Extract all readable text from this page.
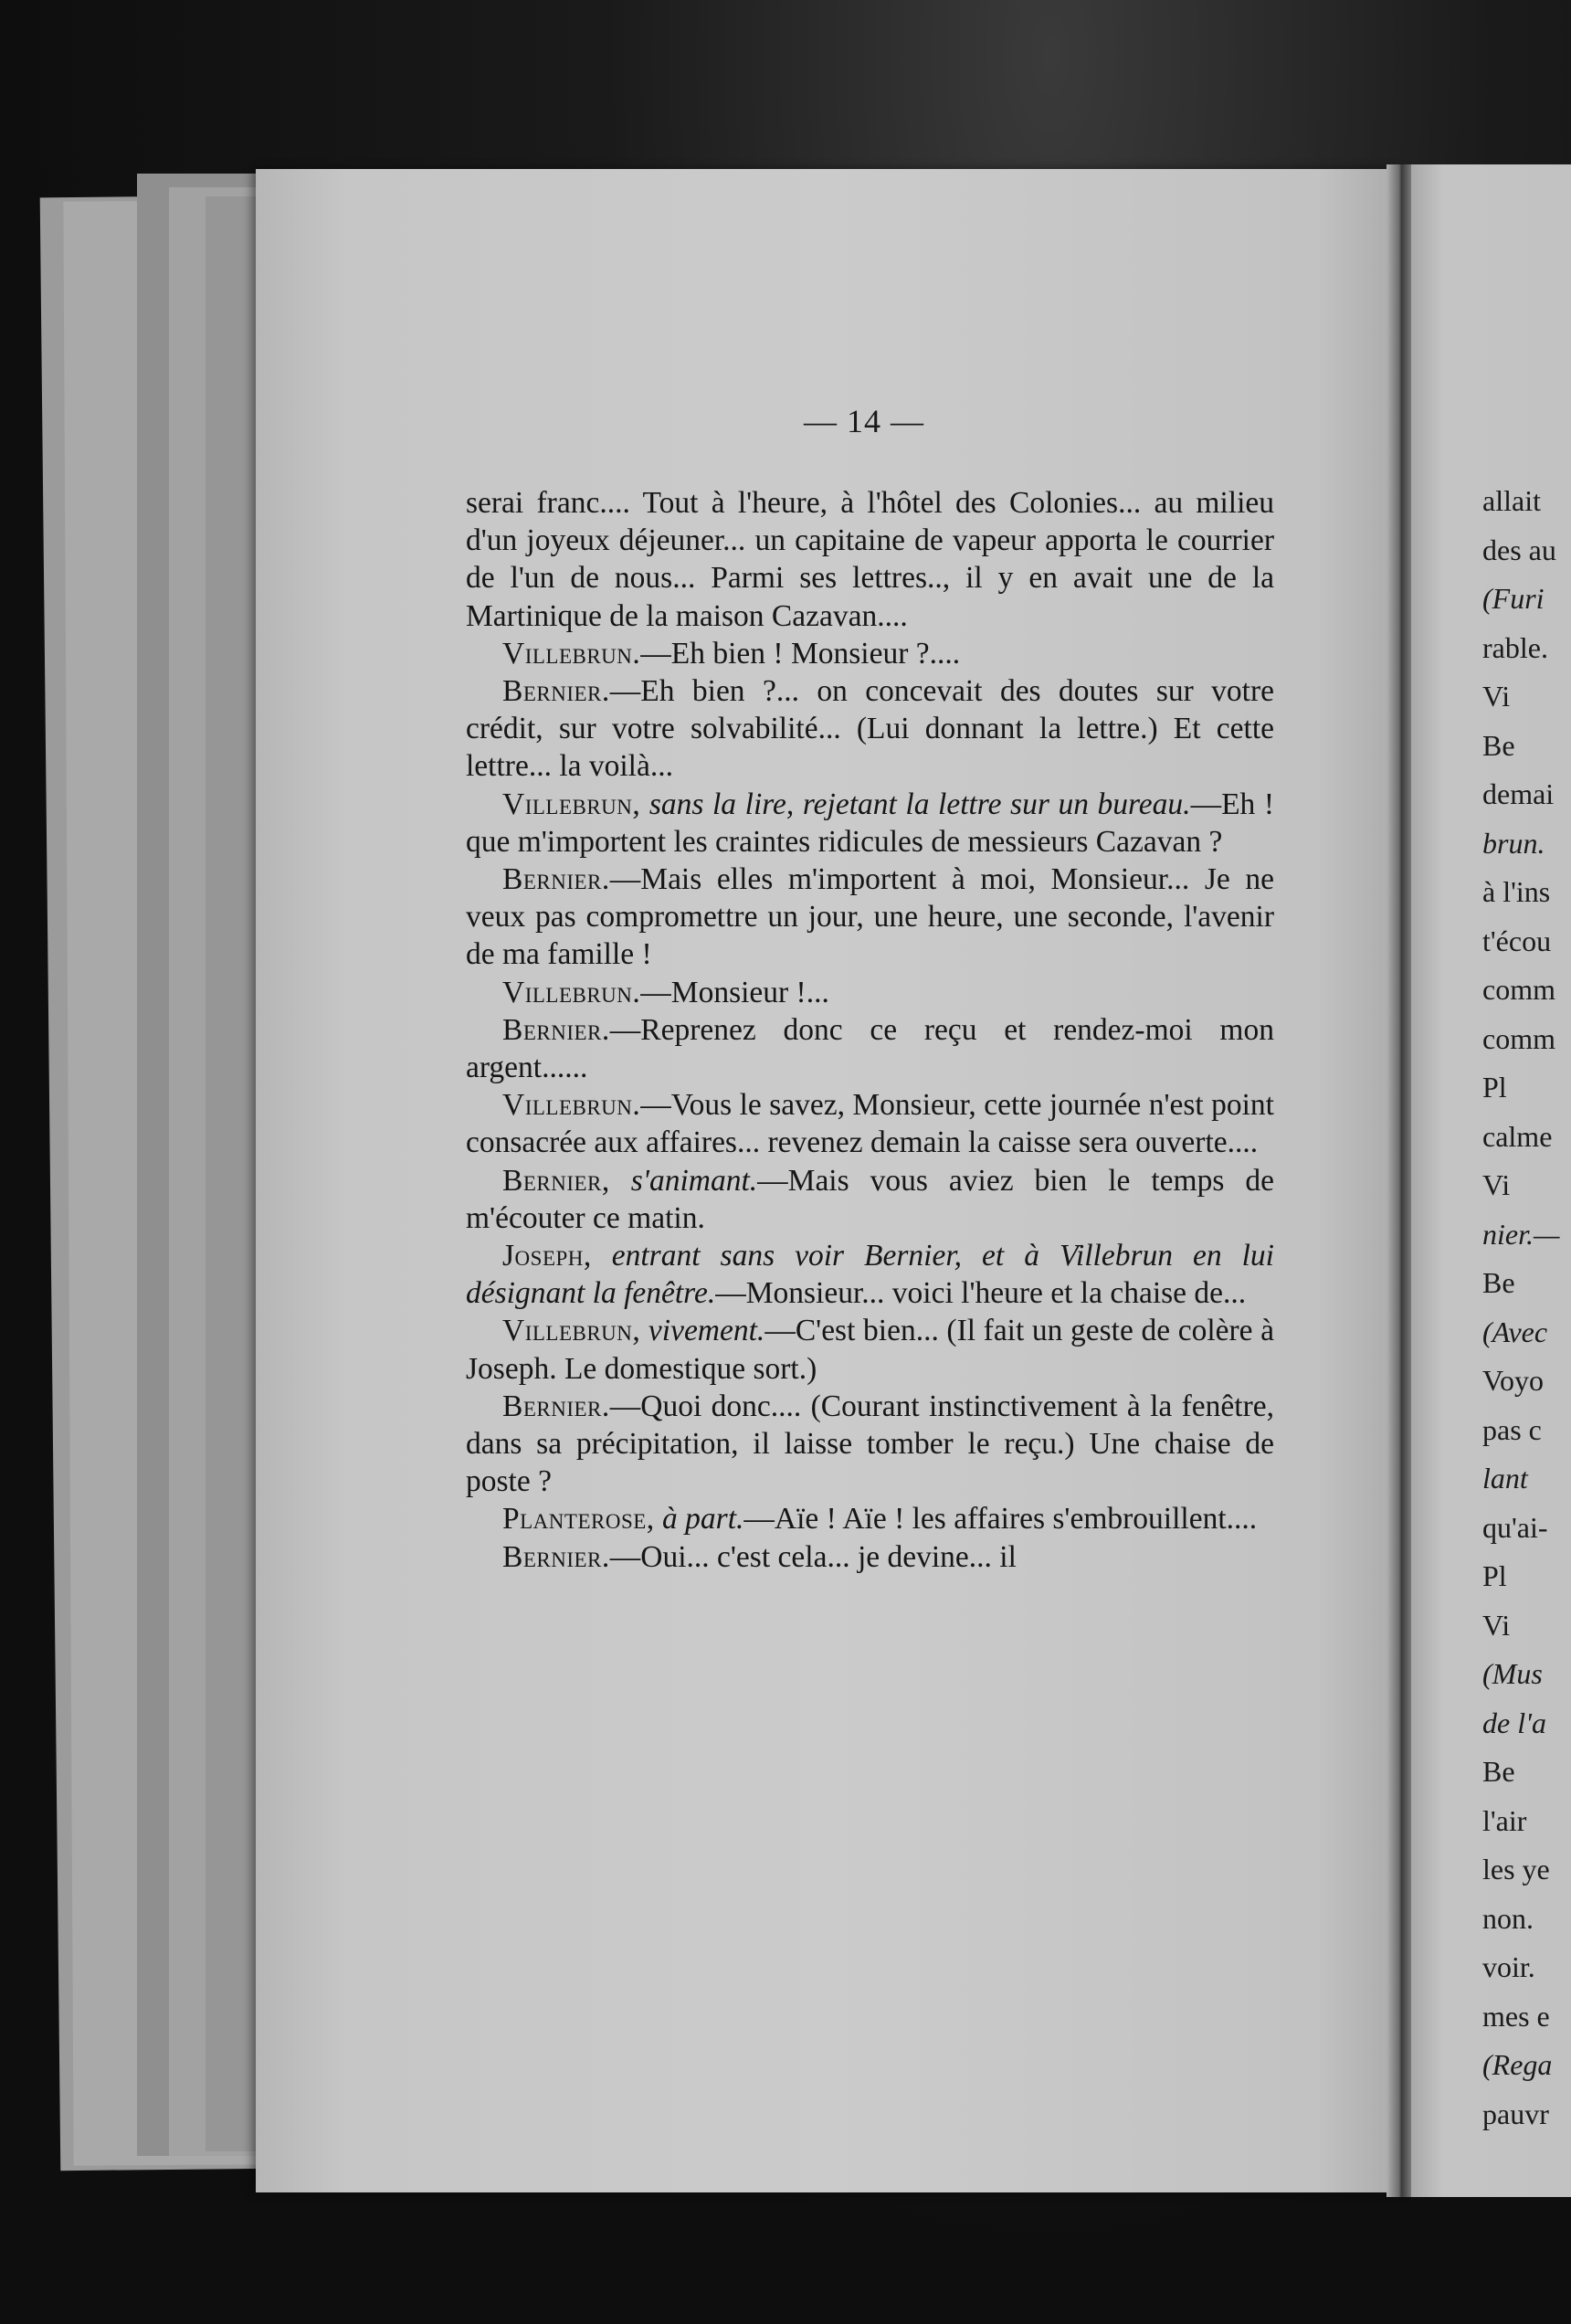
allait
des au
(Furi
rable.
Vi
Be
demai
brun.
à l'ins
t'écou
comm
comm
Pl
calme
Vi
nier.—
Be
(Avec
Voyo
pas c
lant
qu'ai-
Pl
Vi
(Mus
de l'a
Be
l'air
les ye
non.
voir.
mes e
(Rega
pauvr
— 14 —

serai franc.... Tout à l'heure, à l'hôtel des Colonies... au milieu d'un joyeux déjeuner... un capitaine de vapeur apporta le courrier de l'un de nous... Parmi ses lettres.., il y en avait une de la Martinique de la maison Cazavan....

Villebrun.—Eh bien ! Monsieur ?....

Bernier.—Eh bien ?... on concevait des doutes sur votre crédit, sur votre solvabilité... (Lui donnant la lettre.) Et cette lettre... la voilà...

Villebrun, sans la lire, rejetant la lettre sur un bureau.—Eh ! que m'importent les craintes ridicules de messieurs Cazavan ?

Bernier.—Mais elles m'importent à moi, Monsieur... Je ne veux pas compromettre un jour, une heure, une seconde, l'avenir de ma famille !

Villebrun.—Monsieur !...

Bernier.—Reprenez donc ce reçu et rendez-moi mon argent......

Villebrun.—Vous le savez, Monsieur, cette journée n'est point consacrée aux affaires... revenez demain la caisse sera ouverte....

Bernier, s'animant.—Mais vous aviez bien le temps de m'écouter ce matin.

Joseph, entrant sans voir Bernier, et à Villebrun en lui désignant la fenêtre.—Monsieur... voici l'heure et la chaise de...

Villebrun, vivement.—C'est bien... (Il fait un geste de colère à Joseph. Le domestique sort.)

Bernier.—Quoi donc.... (Courant instinctivement à la fenêtre, dans sa précipitation, il laisse tomber le reçu.) Une chaise de poste ?

Planterose, à part.—Aïe ! Aïe ! les affaires s'embrouillent....

Bernier.—Oui... c'est cela... je devine... il
